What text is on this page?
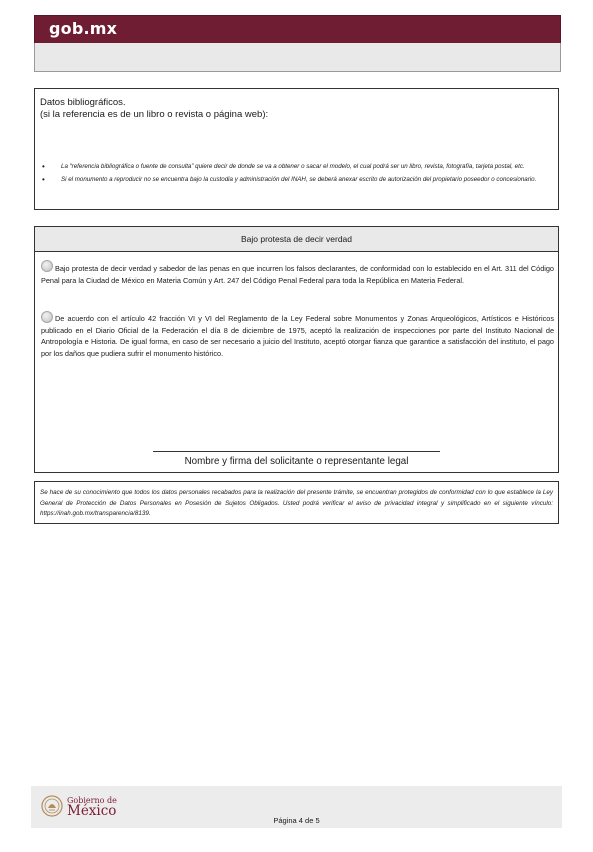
gob.mx
Datos bibliográficos.
(si la referencia es de un libro o revista o página web):
•	La “referencia bibliográfica o fuente de consulta” quiere decir de donde se va a obtener o sacar el modelo, el cual podrá ser un libro, revista, fotografía, tarjeta postal, etc.
•	Si el monumento a reproducir no se encuentra bajo la custodia y administración del INAH, se deberá anexar escrito de autorización del propietario poseedor o concesionario.
Bajo protesta de decir verdad

Bajo protesta de decir verdad y sabedor de las penas en que incurren los falsos declarantes, de conformidad con lo establecido en el Art. 311 del Código Penal para la Ciudad de México en Materia Común y Art. 247 del Código Penal Federal para toda la República en Materia Federal.

De acuerdo con el artículo 42 fracción VI y VI del Reglamento de la Ley Federal sobre Monumentos y Zonas Arqueológicos, Artísticos e Históricos publicado en el Diario Oficial de la Federación el día 8 de diciembre de 1975, aceptó la realización de inspecciones por parte del Instituto Nacional de Antropología e Historia. De igual forma, en caso de ser necesario a juicio del Instituto, aceptó otorgar fianza que garantice a satisfacción del instituto, el pago por los daños que pudiera sufrir el monumento histórico.

Nombre y firma del solicitante o representante legal

Se hace de su conocimiento que todos los datos personales recabados para la realización del presente trámite, se encuentran protegidos de conformidad con lo que establece la Ley General de Protección de Datos Personales en Posesión de Sujetos Obligados. Usted podrá verificar el aviso de privacidad integral y simplificado en el siguiente vínculo: https://inah.gob.mx/transparencia/8139.

Gobierno de
México
Página 4 de 5
